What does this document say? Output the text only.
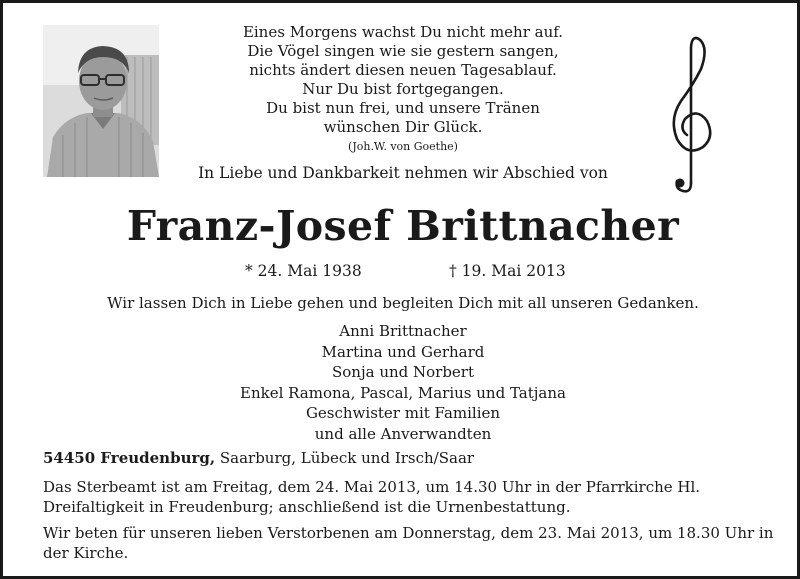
Eines Morgens wachst Du nicht mehr auf.
Die Vögel singen wie sie gestern sangen,
nichts ändert diesen neuen Tagesablauf.
Nur Du bist fortgegangen.
Du bist nun frei, und unsere Tränen
wünschen Dir Glück.
(Joh.W. von Goethe)
In Liebe und Dankbarkeit nehmen wir Abschied von
Franz-Josef Brittnacher
* 24. Mai 1938	† 19. Mai 2013
Wir lassen Dich in Liebe gehen und begleiten Dich mit all unseren Gedanken.
Anni Brittnacher
Martina und Gerhard
Sonja und Norbert
Enkel Ramona, Pascal, Marius und Tatjana
Geschwister mit Familien
und alle Anverwandten
54450 Freudenburg, Saarburg, Lübeck und Irsch/Saar
Das Sterbeamt ist am Freitag, dem 24. Mai 2013, um 14.30 Uhr in der Pfarrkirche Hl. Dreifaltigkeit in Freudenburg; anschließend ist die Urnenbestattung.
Wir beten für unseren lieben Verstorbenen am Donnerstag, dem 23. Mai 2013, um 18.30 Uhr in der Kirche.
